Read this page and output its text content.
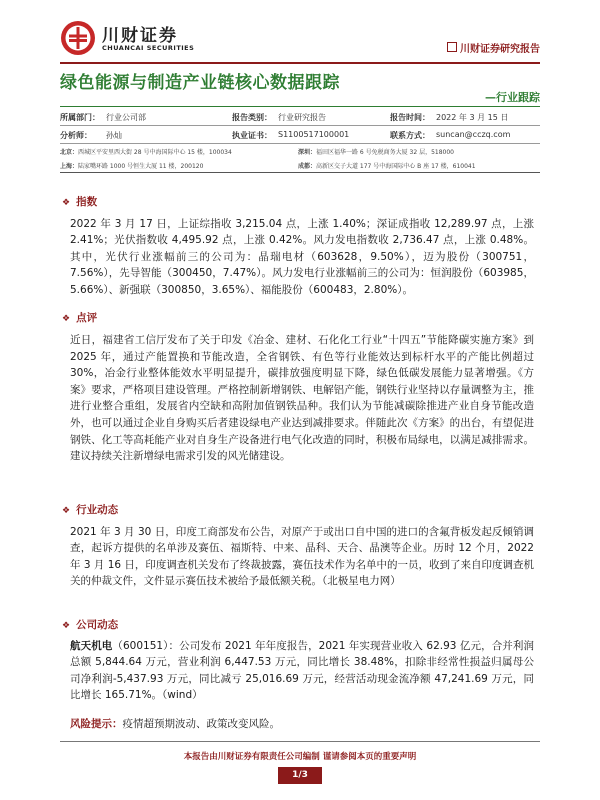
川财证券
CHUANCAI SECURITIES	川财证券研究报告
绿色能源与制造产业链核心数据跟踪
—行业跟踪
所属部门： 行业公司部	报告类别： 行业研究报告	报告时间： 2022 年 3 月 15 日
分析师： 孙灿	执业证书： S1100517100001	联系方式： suncan@cczq.com
北京： 西城区平安里西大街 28 号中海国际中心 15 楼，100034	深圳： 福田区福华一路 6 号免税商务大厦 32 层，518000
上海： 陆家嘴环路 1000 号恒生大厦 11 楼，200120	成都： 高新区交子大道 177 号中海国际中心 B 座 17 楼，610041
❖ 指数
2022 年 3 月 17 日，上证综指收 3,215.04 点，上涨 1.40%；深证成指收 12,289.97 点，上涨 2.41%；光伏指数收 4,495.92 点，上涨 0.42%。风力发电指数收 2,736.47 点，上涨 0.48%。其中，光伏行业涨幅前三的公司为：晶瑞电材（603628，9.50%），迈为股份（300751，7.56%），先导智能（300450，7.47%）。风力发电行业涨幅前三的公司为：恒润股份（603985，5.66%）、新强联（300850，3.65%）、福能股份（600483，2.80%）。
❖ 点评
近日，福建省工信厅发布了关于印发《冶金、建材、石化化工行业“十四五”节能降碳实施方案》到 2025 年，通过产能置换和节能改造，全省钢铁、有色等行业能效达到标杆水平的产能比例超过 30%，冶金行业整体能效水平明显提升，碳排放强度明显下降，绿色低碳发展能力显著增强。《方案》要求，严格项目建设管理。严格控制新增钢铁、电解铝产能，钢铁行业坚持以存量调整为主，推进行业整合重组，发展省内空缺和高附加值钢铁品种。我们认为节能减碳除推进产业自身节能改造外，也可以通过企业自身购买后者建设绿电产业达到减排要求。伴随此次《方案》的出台，有望促进钢铁、化工等高耗能产业对自身生产设备进行电气化改造的同时，积极布局绿电，以满足减排需求。建议持续关注新增绿电需求引发的风光储建设。
❖ 行业动态
2021 年 3 月 30 日，印度工商部发布公告，对原产于或出口自中国的进口的含氟背板发起反倾销调查，起诉方提供的名单涉及赛伍、福斯特、中来、晶科、天合、晶澳等企业。历时 12 个月，2022 年 3 月 16 日，印度调查机关发布了终裁披露，赛伍技术作为名单中的一员，收到了来自印度调查机关的仲裁文件，文件显示赛伍技术被给予最低额关税。（北极星电力网）
❖ 公司动态
航天机电（600151）：公司发布 2021 年年度报告，2021 年实现营业收入 62.93 亿元，合并利润总额 5,844.64 万元，营业利润 6,447.53 万元，同比增长 38.48%，扣除非经常性损益归属母公司净利润-5,437.93 万元，同比减亏 25,016.69 万元，经营活动现金流净额 47,241.69 万元，同比增长 165.71%。（wind）
风险提示：疫情超预期波动、政策改变风险。
本报告由川财证券有限责任公司编制 谨请参阅本页的重要声明
1/3
